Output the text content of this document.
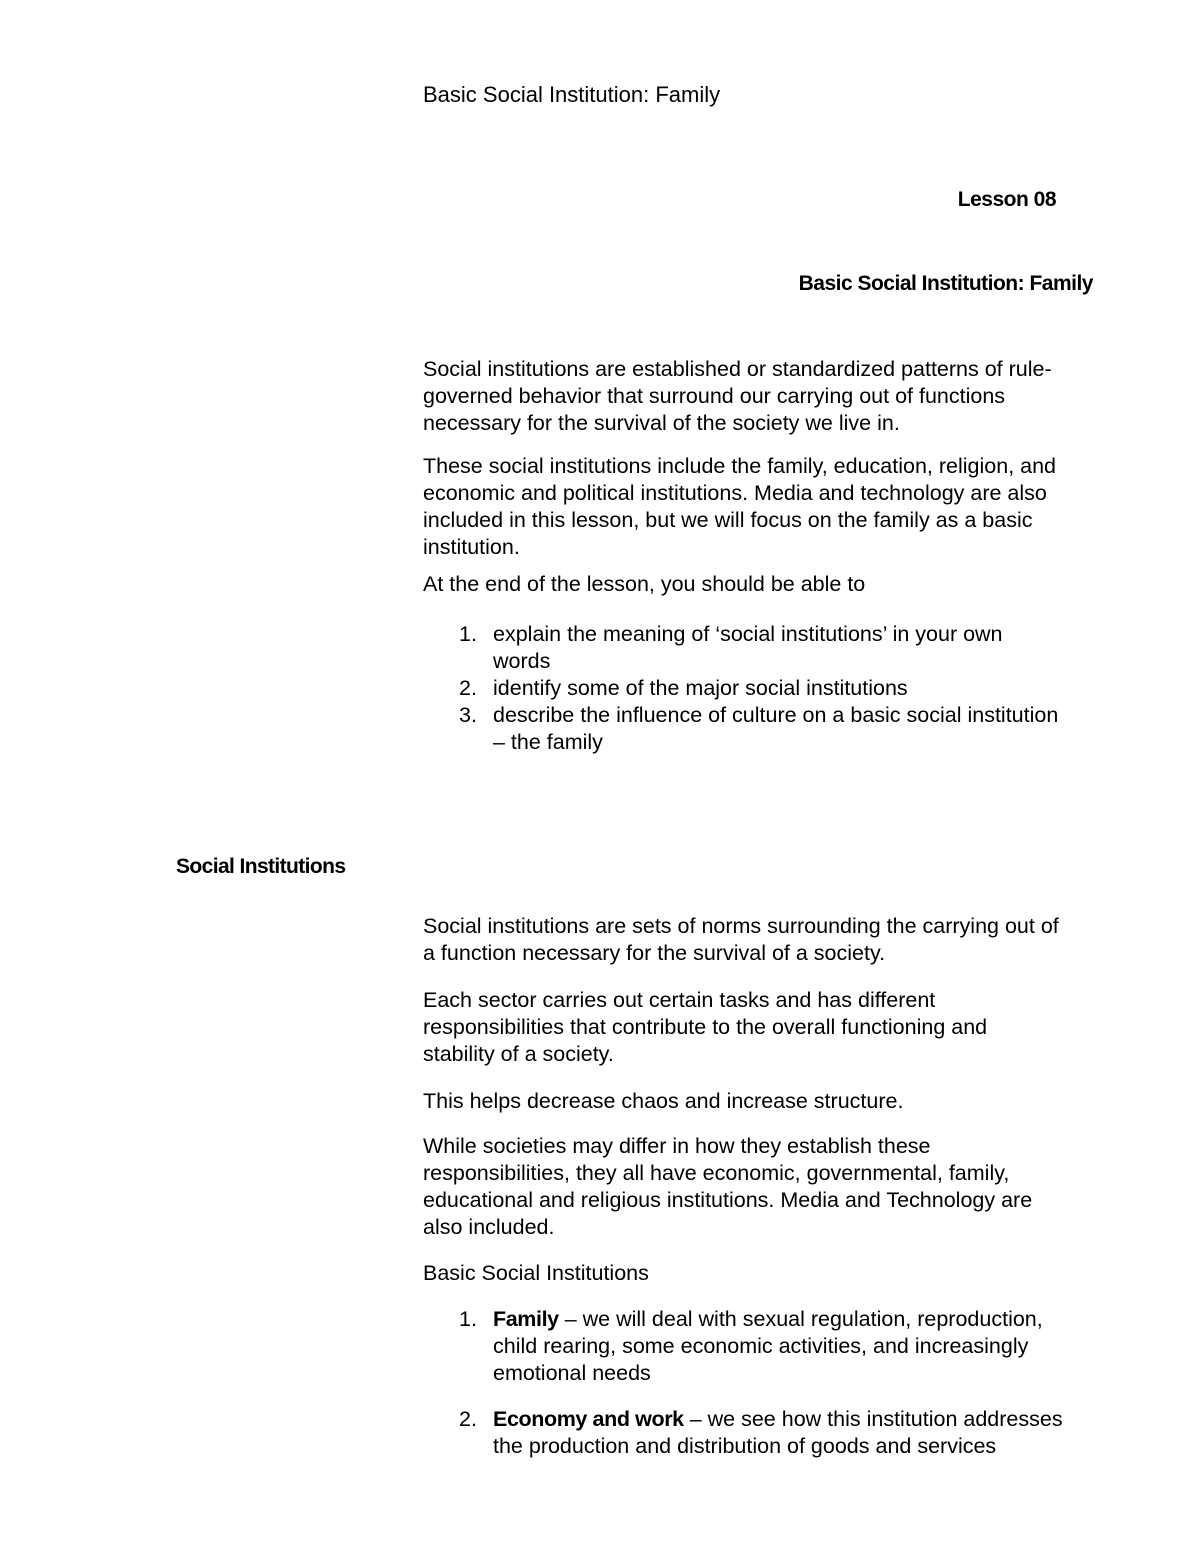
Basic Social Institution: Family
Lesson 08
Basic Social Institution: Family
Social institutions are established or standardized patterns of rule-
governed behavior that surround our carrying out of functions
necessary for the survival of the society we live in.
These social institutions include the family, education, religion, and
economic and political institutions. Media and technology are also
included in this lesson, but we will focus on the family as a basic
institution.
At the end of the lesson, you should be able to
1. explain the meaning of ‘social institutions’ in your own
words
2. identify some of the major social institutions
3. describe the influence of culture on a basic social institution
– the family
Social Institutions
Social institutions are sets of norms surrounding the carrying out of
a function necessary for the survival of a society.
Each sector carries out certain tasks and has different
responsibilities that contribute to the overall functioning and
stability of a society.
This helps decrease chaos and increase structure.
While societies may differ in how they establish these
responsibilities, they all have economic, governmental, family,
educational and religious institutions. Media and Technology are
also included.
Basic Social Institutions
1. Family – we will deal with sexual regulation, reproduction,
child rearing, some economic activities, and increasingly
emotional needs
2. Economy and work – we see how this institution addresses
the production and distribution of goods and services
